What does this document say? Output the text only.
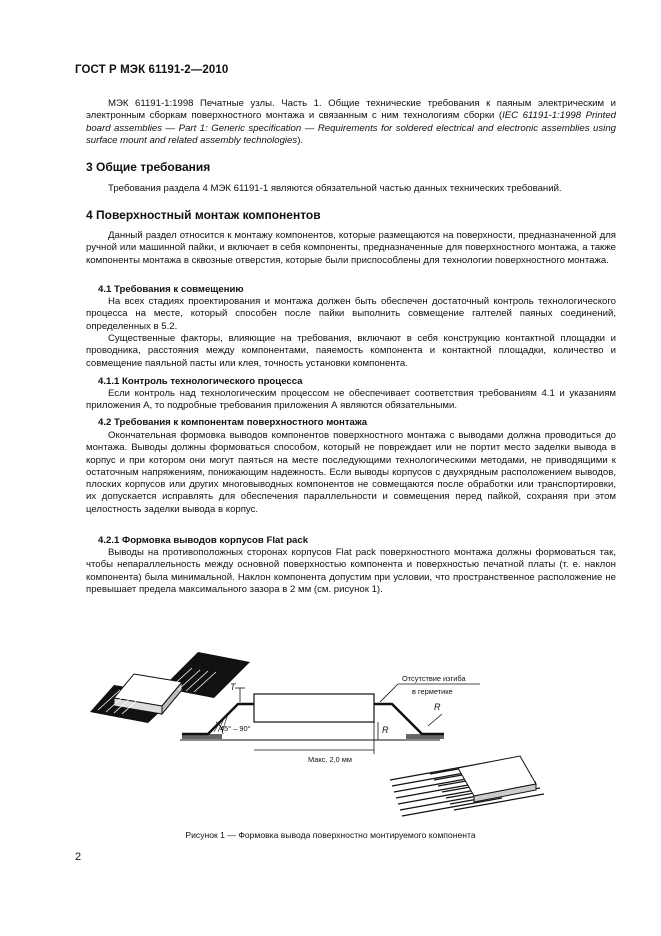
ГОСТ Р МЭК 61191-2—2010

МЭК 61191-1:1998 Печатные узлы. Часть 1. Общие технические требования к паяным электрическим и электронным сборкам поверхностного монтажа и связанным с ним технологиям сборки (IEC 61191-1:1998 Printed board assemblies — Part 1: Generic specification — Requirements for soldered electrical and electronic assemblies using surface mount and related assembly technologies).

3 Общие требования

Требования раздела 4 МЭК 61191-1 являются обязательной частью данных технических требований.

4 Поверхностный монтаж компонентов

Данный раздел относится к монтажу компонентов, которые размещаются на поверхности, предназначенной для ручной или машинной пайки, и включает в себя компоненты, предназначенные для поверхностного монтажа, а также компоненты монтажа в сквозные отверстия, которые были приспособлены для технологии поверхностного монтажа.

4.1 Требования к совмещению

На всех стадиях проектирования и монтажа должен быть обеспечен достаточный контроль технологического процесса на месте, который способен после пайки выполнить совмещение галтелей паяных соединений, определенных в 5.2.

Существенные факторы, влияющие на требования, включают в себя конструкцию контактной площадки и проводника, расстояния между компонентами, паяемость компонента и контактной площадки, количество и совмещение паяльной пасты или клея, точность установки компонента.

4.1.1 Контроль технологического процесса

Если контроль над технологическим процессом не обеспечивает соответствия требованиям 4.1 и указаниям приложения А, то подробные требования приложения А являются обязательными.

4.2 Требования к компонентам поверхностного монтажа

Окончательная формовка выводов компонентов поверхностного монтажа с выводами должна проводиться до монтажа. Выводы должны формоваться способом, который не повреждает или не портит место заделки вывода в корпус и при котором они могут паяться на месте последующими технологическими методами, не приводящими к остаточным напряжениям, понижающим надежность. Если выводы корпусов с двухрядным расположением выводов, плоских корпусов или других многовыводных компонентов не совмещаются после обработки или транспортировки, их допускается исправлять для обеспечения параллельности и совмещения перед пайкой, сохраняя при этом целостность заделки вывода в корпус.

4.2.1 Формовка выводов корпусов Flat pack

Выводы на противоположных сторонах корпусов Flat pack поверхностного монтажа должны формоваться так, чтобы непараллельность между основной поверхностью компонента и поверхностью печатной платы (т. е. наклон компонента) была минимальной. Наклон компонента допустим при условии, что пространственное расположение не превышает предела максимального зазора в 2 мм (см. рисунок 1).

T
45° – 90°	R
R
Отсутствие изгиба
в герметике
Макс. 2,0 мм
Рисунок 1 — Формовка вывода поверхностно монтируемого компонента
2
